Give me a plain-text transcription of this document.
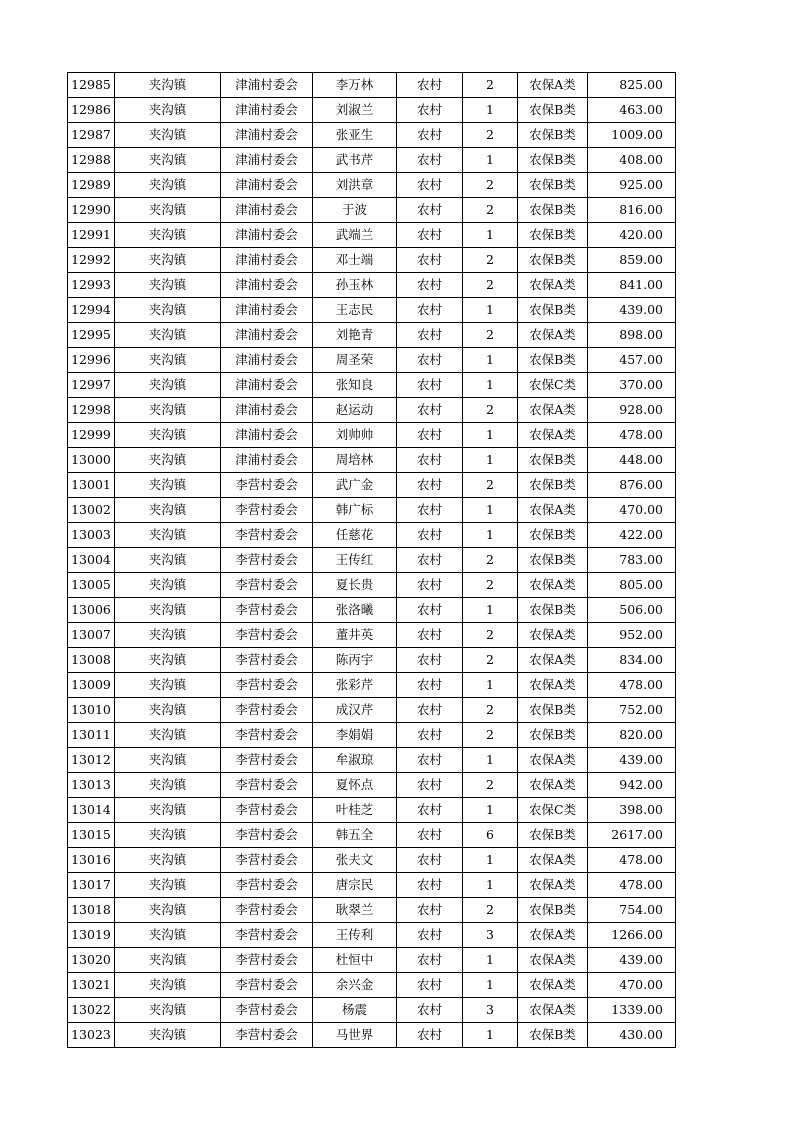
12985	夹沟镇	津浦村委会	李万林	农村	2	农保A类	825.00
12986	夹沟镇	津浦村委会	刘淑兰	农村	1	农保B类	463.00
12987	夹沟镇	津浦村委会	张亚生	农村	2	农保B类	1009.00
12988	夹沟镇	津浦村委会	武书芹	农村	1	农保B类	408.00
12989	夹沟镇	津浦村委会	刘洪章	农村	2	农保B类	925.00
12990	夹沟镇	津浦村委会	于波	农村	2	农保B类	816.00
12991	夹沟镇	津浦村委会	武端兰	农村	1	农保B类	420.00
12992	夹沟镇	津浦村委会	邓士端	农村	2	农保B类	859.00
12993	夹沟镇	津浦村委会	孙玉林	农村	2	农保A类	841.00
12994	夹沟镇	津浦村委会	王志民	农村	1	农保B类	439.00
12995	夹沟镇	津浦村委会	刘艳青	农村	2	农保A类	898.00
12996	夹沟镇	津浦村委会	周圣荣	农村	1	农保B类	457.00
12997	夹沟镇	津浦村委会	张知良	农村	1	农保C类	370.00
12998	夹沟镇	津浦村委会	赵运动	农村	2	农保A类	928.00
12999	夹沟镇	津浦村委会	刘帅帅	农村	1	农保A类	478.00
13000	夹沟镇	津浦村委会	周培林	农村	1	农保B类	448.00
13001	夹沟镇	李营村委会	武广金	农村	2	农保B类	876.00
13002	夹沟镇	李营村委会	韩广标	农村	1	农保A类	470.00
13003	夹沟镇	李营村委会	任慈花	农村	1	农保B类	422.00
13004	夹沟镇	李营村委会	王传红	农村	2	农保B类	783.00
13005	夹沟镇	李营村委会	夏长贵	农村	2	农保A类	805.00
13006	夹沟镇	李营村委会	张洛曦	农村	1	农保B类	506.00
13007	夹沟镇	李营村委会	董井英	农村	2	农保A类	952.00
13008	夹沟镇	李营村委会	陈丙宇	农村	2	农保A类	834.00
13009	夹沟镇	李营村委会	张彩芹	农村	1	农保A类	478.00
13010	夹沟镇	李营村委会	成汉芹	农村	2	农保B类	752.00
13011	夹沟镇	李营村委会	李娟娟	农村	2	农保B类	820.00
13012	夹沟镇	李营村委会	牟淑琼	农村	1	农保A类	439.00
13013	夹沟镇	李营村委会	夏怀点	农村	2	农保A类	942.00
13014	夹沟镇	李营村委会	叶桂芝	农村	1	农保C类	398.00
13015	夹沟镇	李营村委会	韩五全	农村	6	农保B类	2617.00
13016	夹沟镇	李营村委会	张夫文	农村	1	农保A类	478.00
13017	夹沟镇	李营村委会	唐宗民	农村	1	农保A类	478.00
13018	夹沟镇	李营村委会	耿翠兰	农村	2	农保B类	754.00
13019	夹沟镇	李营村委会	王传利	农村	3	农保A类	1266.00
13020	夹沟镇	李营村委会	杜恒中	农村	1	农保A类	439.00
13021	夹沟镇	李营村委会	余兴金	农村	1	农保A类	470.00
13022	夹沟镇	李营村委会	杨震	农村	3	农保A类	1339.00
13023	夹沟镇	李营村委会	马世界	农村	1	农保B类	430.00
